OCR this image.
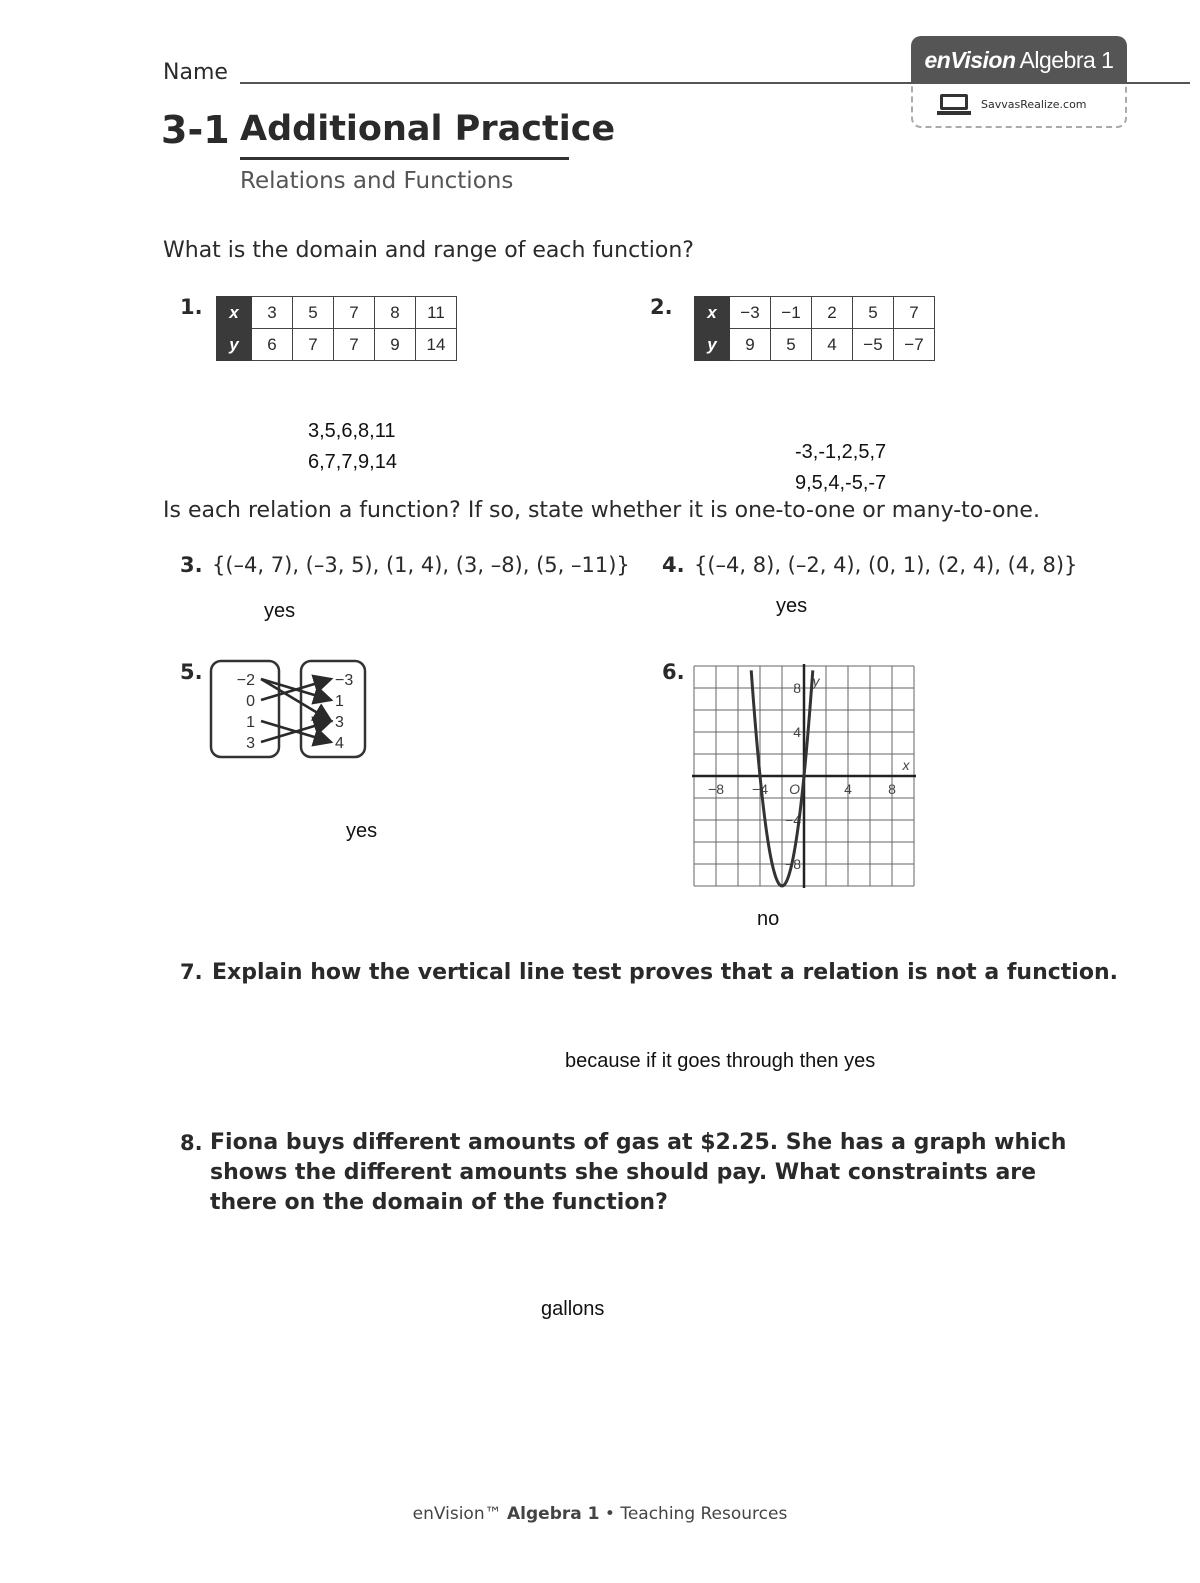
Name	enVision Algebra 1
SavvasRealize.com
3-1 Additional Practice
Relations and Functions
What is the domain and range of each function?
1. x	3	5	7	8	11
y	6	7	7	9	14
3,5,6,8,11
6,7,7,9,14
2. x	−3	−1	2	5	7
y	9	5	4	−5	−7
-3,-1,2,5,7
9,5,4,-5,-7
Is each relation a function? If so, state whether it is one-to-one or many-to-one.
3. {(–4, 7), (–3, 5), (1, 4), (3, –8), (5, –11)}
yes
4. {(–4, 8), (–2, 4), (0, 1), (2, 4), (4, 8)}
yes
5. −2
0
1
3
−3
1
3
4
yes
6.
−8 −4	4	8
8
4
−4
−8
O
x
y
no
7. Explain how the vertical line test proves that a relation is not a function.
because if it goes through then yes
8. Fiona buys different amounts of gas at $2.25. She has a graph which shows the different amounts she should pay. What constraints are there on the domain of the function?
gallons
enVision™ Algebra 1 • Teaching Resources
